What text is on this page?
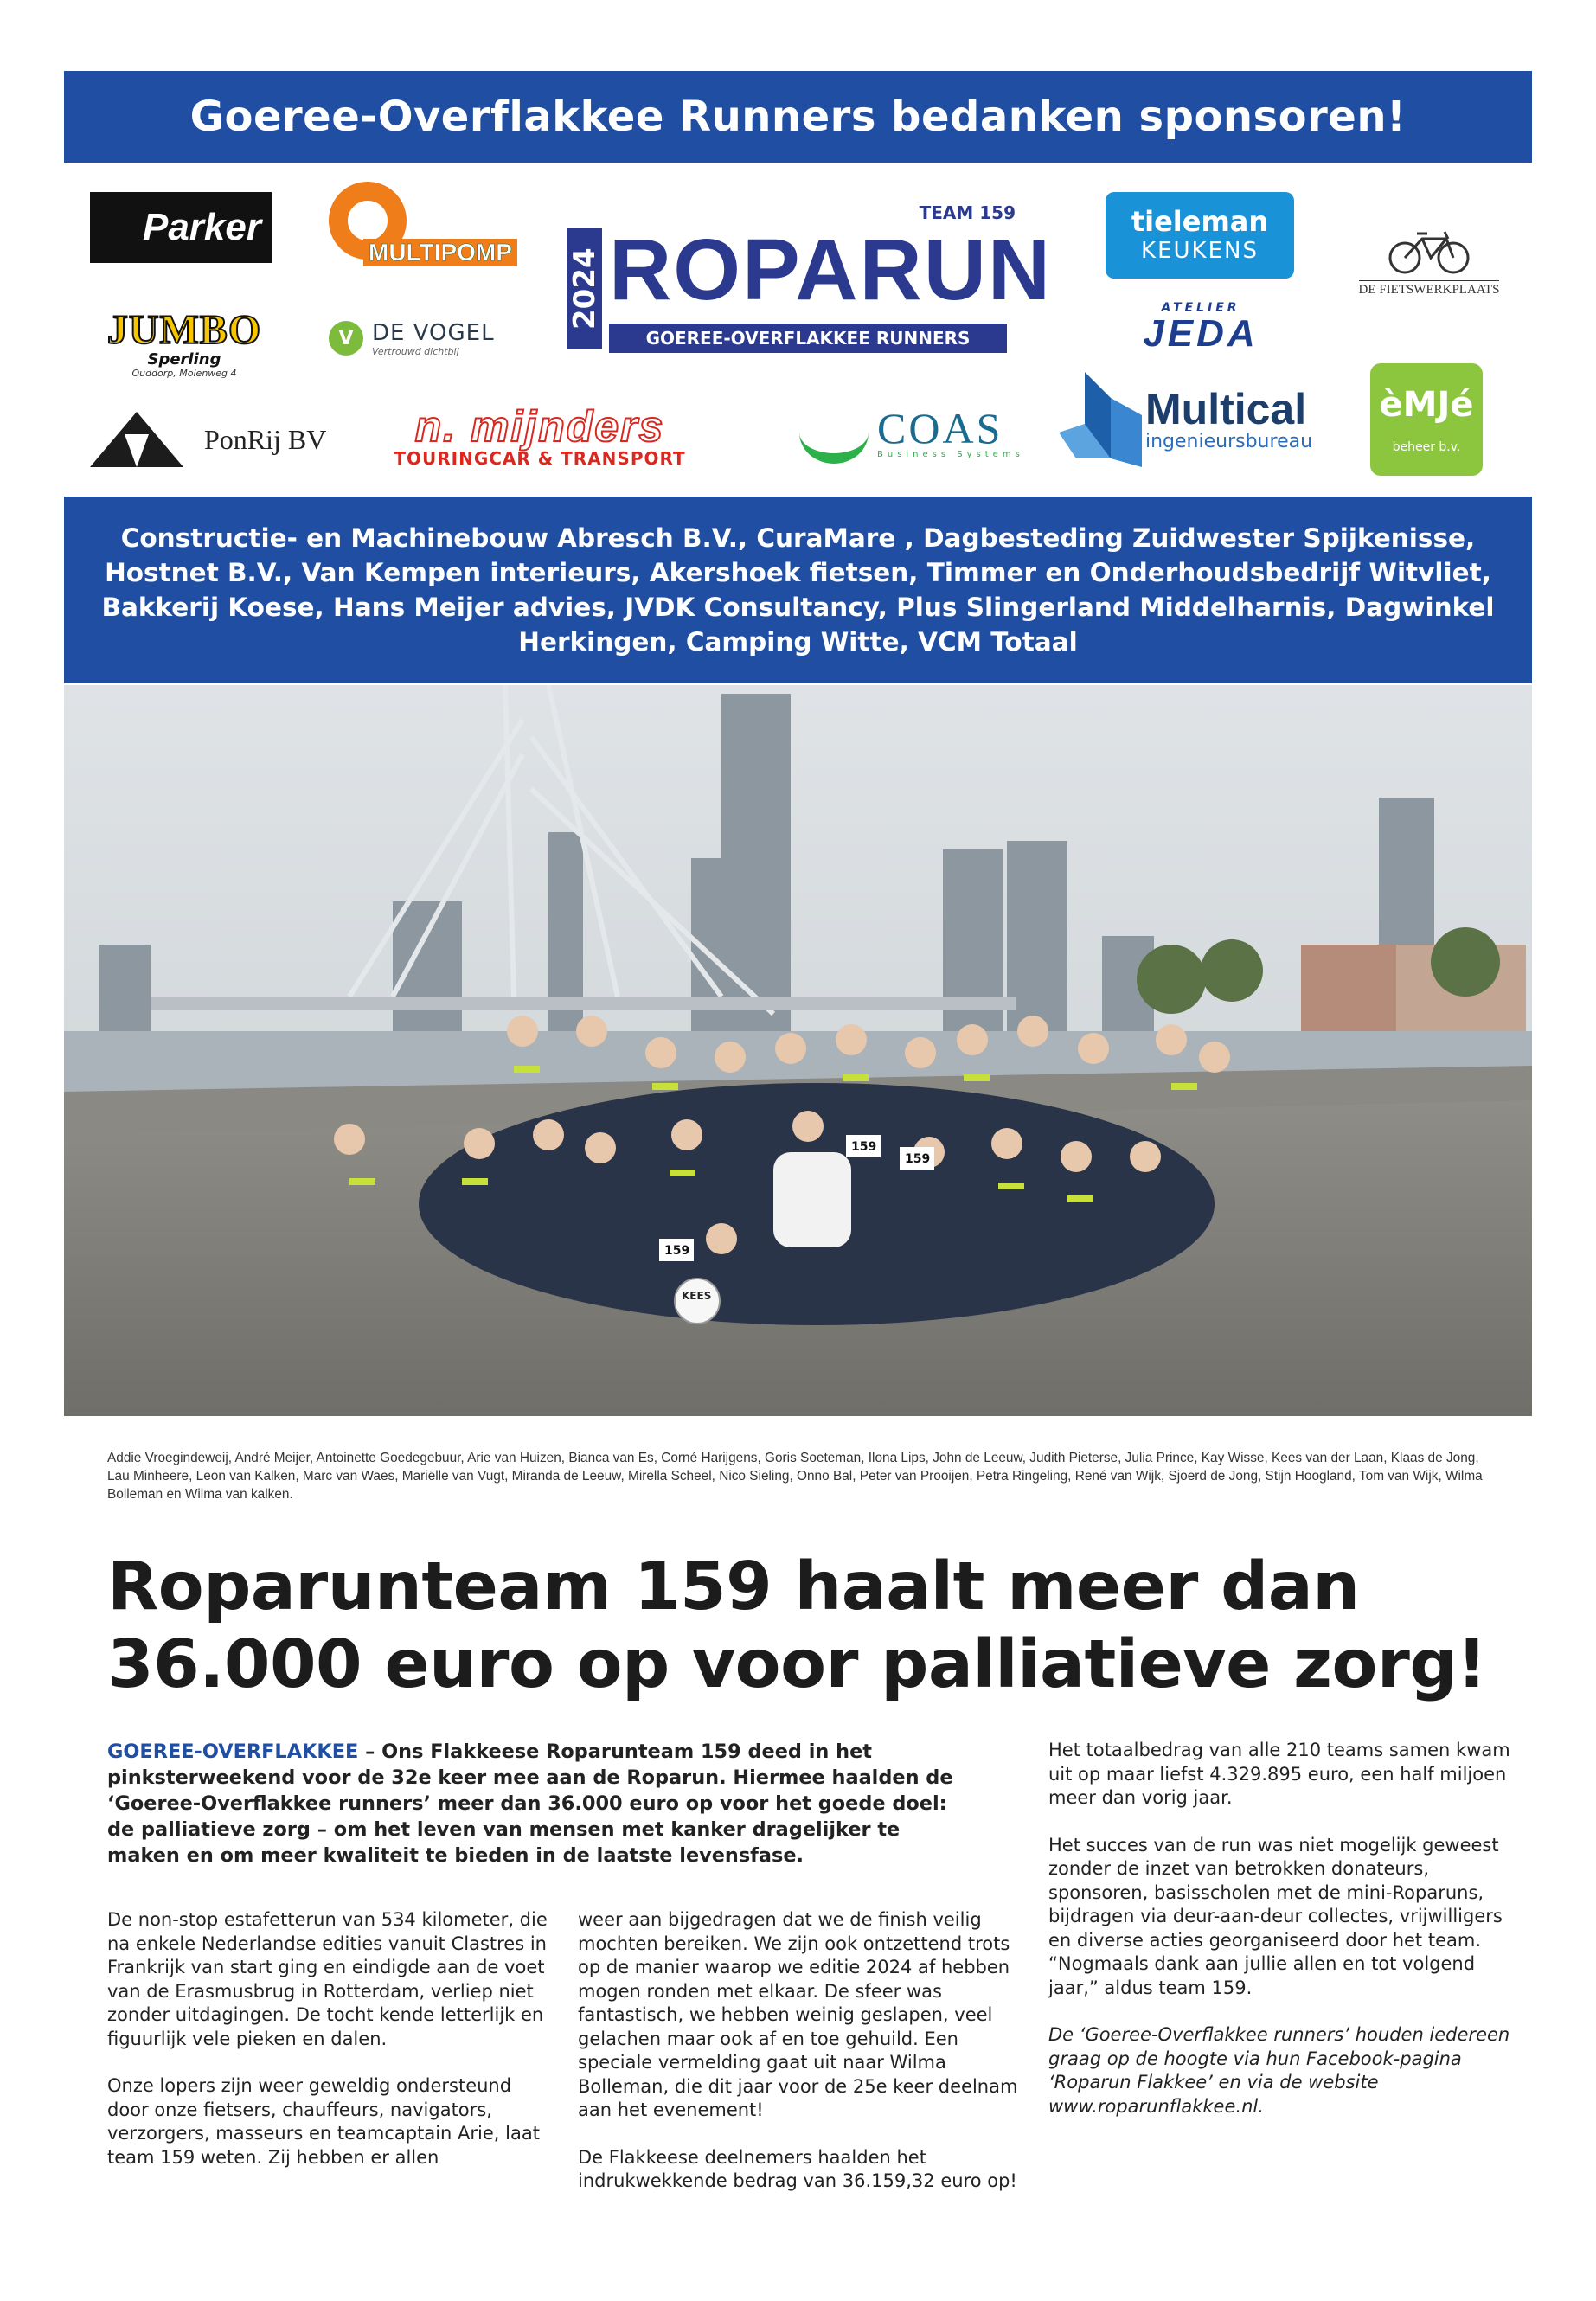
Goeree-Overflakkee Runners bedanken sponsoren!
Parker
JUMBO
Sperling
Ouddorp, Molenweg 4
PonRij BV
MULTIPOMP
V DE VOGEL
Vertrouwd dichtbij
n. mijnders
TOURINGCAR & TRANSPORT
2024
TEAM 159
ROPARUN
GOEREE-OVERFLAKKEE RUNNERS
tieleman
KEUKENS
ATELIER
JEDA
DE FIETSWERKPLAATS
COAS
Business Systems
Multical
ingenieursbureau
èMJé
beheer b.v.

Constructie- en Machinebouw Abresch B.V., CuraMare , Dagbesteding Zuidwester Spijkenisse, Hostnet B.V., Van Kempen interieurs, Akershoek fietsen, Timmer en Onderhoudsbedrijf Witvliet, Bakkerij Koese, Hans Meijer advies, JVDK Consultancy, Plus Slingerland Middelharnis, Dagwinkel Herkingen, Camping Witte, VCM Totaal

159
159
159
KEES

Addie Vroegindeweij, André Meijer, Antoinette Goedegebuur, Arie van Huizen, Bianca van Es, Corné Harijgens, Goris Soeteman, Ilona Lips, John de Leeuw, Judith Pieterse, Julia Prince, Kay Wisse, Kees van der Laan, Klaas de Jong, Lau Minheere, Leon van Kalken, Marc van Waes, Mariëlle van Vugt, Miranda de Leeuw, Mirella Scheel, Nico Sieling, Onno Bal, Peter van Prooijen, Petra Ringeling, René van Wijk, Sjoerd de Jong, Stijn Hoogland, Tom van Wijk, Wilma Bolleman en Wilma van kalken.

Roparunteam 159 haalt meer dan 36.000 euro op voor palliatieve zorg!

GOEREE-OVERFLAKKEE – Ons Flakkeese Roparunteam 159 deed in het pinksterweekend voor de 32e keer mee aan de Roparun. Hiermee haalden de ‘Goeree-Overflakkee runners’ meer dan 36.000 euro op voor het goede doel: de palliatieve zorg – om het leven van mensen met kanker dragelijker te maken en om meer kwaliteit te bieden in de laatste levensfase.

De non-stop estafetterun van 534 kilometer, die na enkele Nederlandse edities vanuit Clastres in Frankrijk van start ging en eindigde aan de voet van de Erasmusbrug in Rotterdam, verliep niet zonder uitdagingen. De tocht kende letterlijk en figuurlijk vele pieken en dalen.

Onze lopers zijn weer geweldig ondersteund door onze fietsers, chauffeurs, navigators, verzorgers, masseurs en teamcaptain Arie, laat team 159 weten. Zij hebben er allen

weer aan bijgedragen dat we de finish veilig mochten bereiken. We zijn ook ontzettend trots op de manier waarop we editie 2024 af hebben mogen ronden met elkaar. De sfeer was fantastisch, we hebben weinig geslapen, veel gelachen maar ook af en toe gehuild. Een speciale vermelding gaat uit naar Wilma Bolleman, die dit jaar voor de 25e keer deelnam aan het evenement!

De Flakkeese deelnemers haalden het indrukwekkende bedrag van 36.159,32 euro op!

Het totaalbedrag van alle 210 teams samen kwam uit op maar liefst 4.329.895 euro, een half miljoen meer dan vorig jaar.

Het succes van de run was niet mogelijk geweest zonder de inzet van betrokken donateurs, sponsoren, basisscholen met de mini-Roparuns, bijdragen via deur-aan-deur collectes, vrijwilligers en diverse acties georganiseerd door het team. “Nogmaals dank aan jullie allen en tot volgend jaar,” aldus team 159.

De ‘Goeree-Overflakkee runners’ houden iedereen graag op de hoogte via hun Facebook-pagina ‘Roparun Flakkee’ en via de website www.roparunflakkee.nl.
